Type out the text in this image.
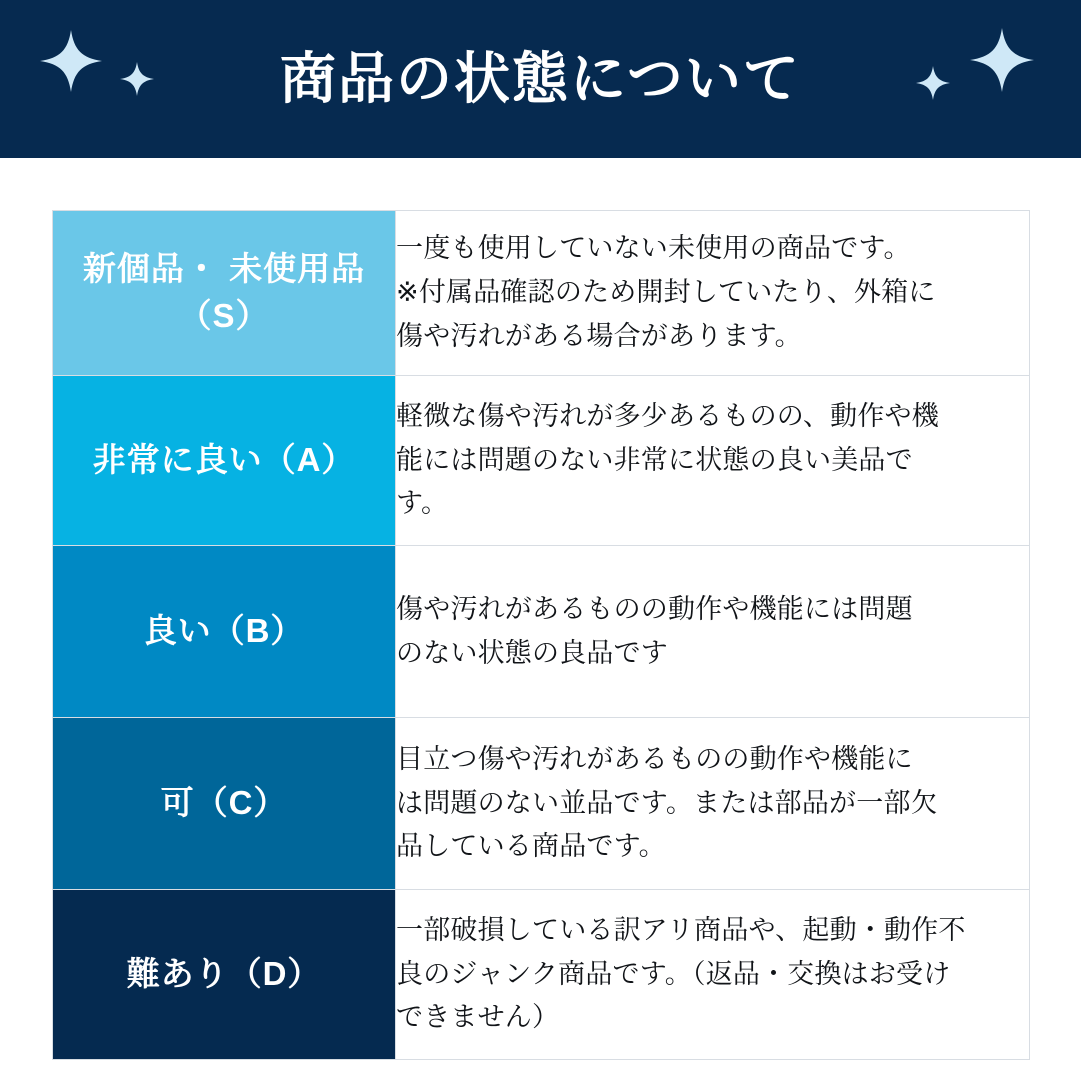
商品の状態について
新個品・ 未使用品（S）	一度も使用していない未使用の商品です。
※付属品確認のため開封していたり、外箱に
傷や汚れがある場合があります。

非常に良い（A）	軽微な傷や汚れが多少あるものの、動作や機
能には問題のない非常に状態の良い美品で
す。

良い（B）	傷や汚れがあるものの動作や機能には問題
のない状態の良品です

可（C）	目立つ傷や汚れがあるものの動作や機能に
は問題のない並品です。または部品が一部欠
品している商品です。

難あり（D）	一部破損している訳アリ商品や、起動・動作不
良のジャンク商品です。（返品・交換はお受け
できません）
